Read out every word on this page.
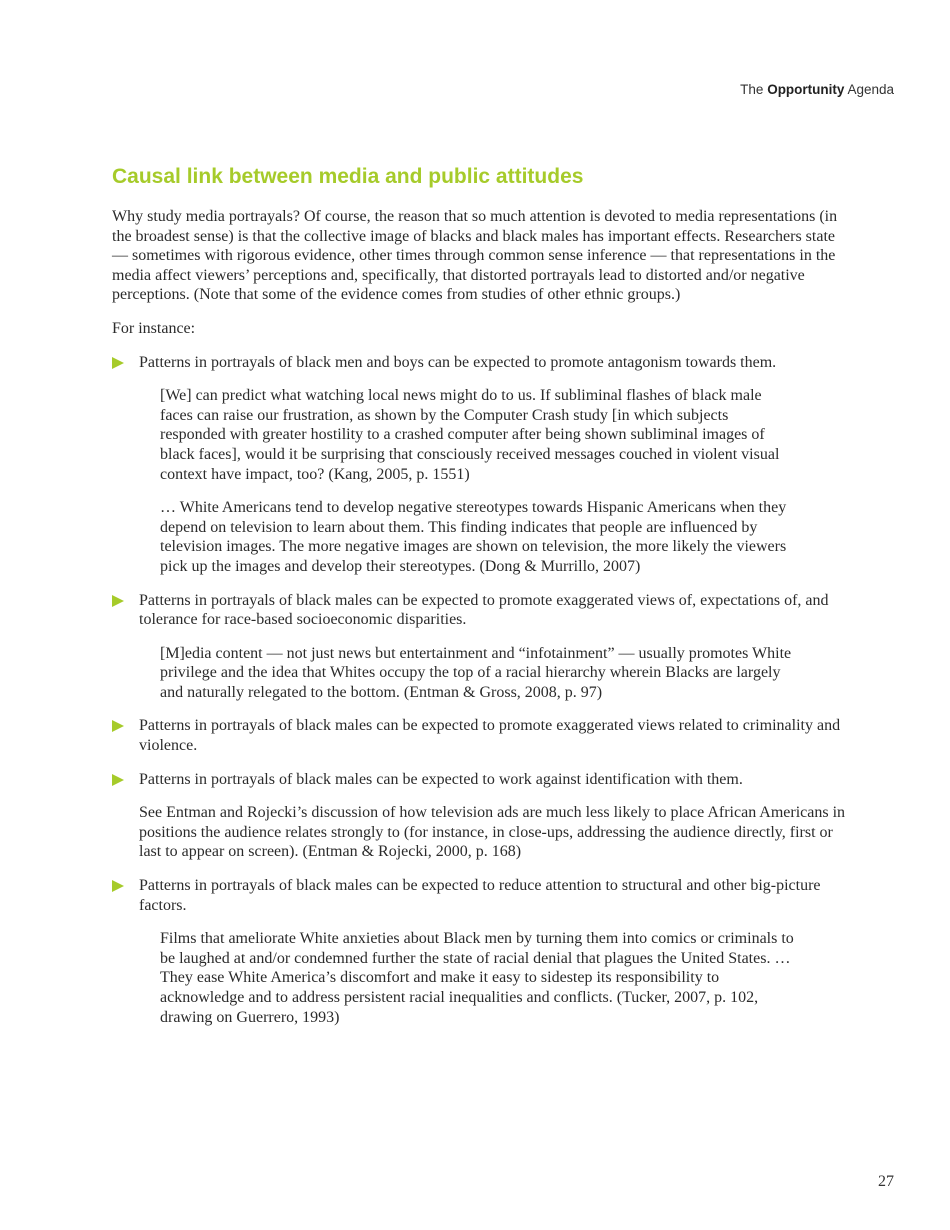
The Opportunity Agenda
Causal link between media and public attitudes

Why study media portrayals? Of course, the reason that so much attention is devoted to media representations (in the broadest sense) is that the collective image of blacks and black males has important effects. Researchers state — sometimes with rigorous evidence, other times through common sense inference — that representations in the media affect viewers’ perceptions and, specifically, that distorted portrayals lead to distorted and/or negative perceptions. (Note that some of the evidence comes from studies of other ethnic groups.)

For instance:

Patterns in portrayals of black men and boys can be expected to promote antagonism towards them.

[We] can predict what watching local news might do to us. If subliminal flashes of black male faces can raise our frustration, as shown by the Computer Crash study [in which subjects responded with greater hostility to a crashed computer after being shown subliminal images of black faces], would it be surprising that consciously received messages couched in violent visual context have impact, too? (Kang, 2005, p. 1551)

… White Americans tend to develop negative stereotypes towards Hispanic Americans when they depend on television to learn about them. This finding indicates that people are influenced by television images. The more negative images are shown on television, the more likely the viewers pick up the images and develop their stereotypes. (Dong & Murrillo, 2007)

Patterns in portrayals of black males can be expected to promote exaggerated views of, expectations of, and tolerance for race-based socioeconomic disparities.

[M]edia content — not just news but entertainment and “infotainment” — usually promotes White privilege and the idea that Whites occupy the top of a racial hierarchy wherein Blacks are largely and naturally relegated to the bottom. (Entman & Gross, 2008, p. 97)

Patterns in portrayals of black males can be expected to promote exaggerated views related to criminality and violence.

Patterns in portrayals of black males can be expected to work against identification with them.

See Entman and Rojecki’s discussion of how television ads are much less likely to place African Americans in positions the audience relates strongly to (for instance, in close-ups, addressing the audience directly, first or last to appear on screen). (Entman & Rojecki, 2000, p. 168)

Patterns in portrayals of black males can be expected to reduce attention to structural and other big-picture factors.

Films that ameliorate White anxieties about Black men by turning them into comics or criminals to be laughed at and/or condemned further the state of racial denial that plagues the United States. … They ease White America’s discomfort and make it easy to sidestep its responsibility to acknowledge and to address persistent racial inequalities and conflicts. (Tucker, 2007, p. 102, drawing on Guerrero, 1993)

27
